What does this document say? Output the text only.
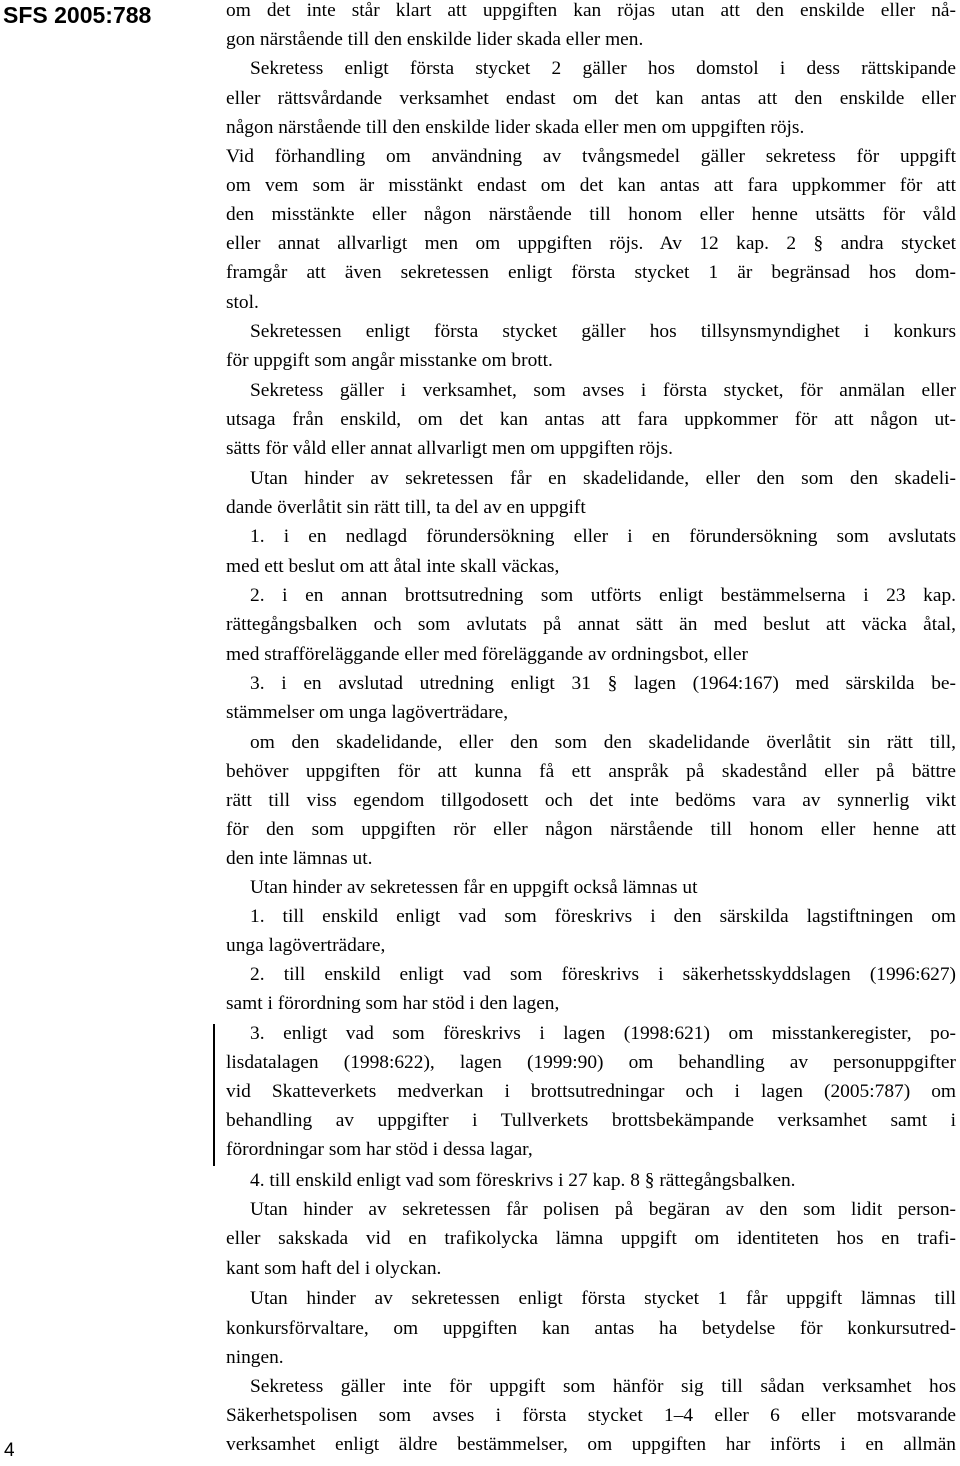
SFS 2005:788
4
om det inte står klart att uppgiften kan röjas utan att den enskilde eller nå-
gon närstående till den enskilde lider skada eller men.
Sekretess enligt första stycket 2 gäller hos domstol i dess rättskipande
eller rättsvårdande verksamhet endast om det kan antas att den enskilde eller
någon närstående till den enskilde lider skada eller men om uppgiften röjs.
Vid förhandling om användning av tvångsmedel gäller sekretess för uppgift
om vem som är misstänkt endast om det kan antas att fara uppkommer för att
den misstänkte eller någon närstående till honom eller henne utsätts för våld
eller annat allvarligt men om uppgiften röjs. Av 12 kap. 2 § andra stycket
framgår att även sekretessen enligt första stycket 1 är begränsad hos dom-
stol.
Sekretessen enligt första stycket gäller hos tillsynsmyndighet i konkurs
för uppgift som angår misstanke om brott.
Sekretess gäller i verksamhet, som avses i första stycket, för anmälan eller
utsaga från enskild, om det kan antas att fara uppkommer för att någon ut-
sätts för våld eller annat allvarligt men om uppgiften röjs.
Utan hinder av sekretessen får en skadelidande, eller den som den skadeli-
dande överlåtit sin rätt till, ta del av en uppgift
1. i en nedlagd förundersökning eller i en förundersökning som avslutats
med ett beslut om att åtal inte skall väckas,
2. i en annan brottsutredning som utförts enligt bestämmelserna i 23 kap.
rättegångsbalken och som avlutats på annat sätt än med beslut att väcka åtal,
med strafföreläggande eller med föreläggande av ordningsbot, eller
3. i en avslutad utredning enligt 31 § lagen (1964:167) med särskilda be-
stämmelser om unga lagöverträdare,
om den skadelidande, eller den som den skadelidande överlåtit sin rätt till,
behöver uppgiften för att kunna få ett anspråk på skadestånd eller på bättre
rätt till viss egendom tillgodosett och det inte bedöms vara av synnerlig vikt
för den som uppgiften rör eller någon närstående till honom eller henne att
den inte lämnas ut.
Utan hinder av sekretessen får en uppgift också lämnas ut
1. till enskild enligt vad som föreskrivs i den särskilda lagstiftningen om
unga lagöverträdare,
2. till enskild enligt vad som föreskrivs i säkerhetsskyddslagen (1996:627)
samt i förordning som har stöd i den lagen,
3. enligt vad som föreskrivs i lagen (1998:621) om misstankeregister, po-
lisdatalagen (1998:622), lagen (1999:90) om behandling av personuppgifter
vid Skatteverkets medverkan i brottsutredningar och i lagen (2005:787) om
behandling av uppgifter i Tullverkets brottsbekämpande verksamhet samt i
förordningar som har stöd i dessa lagar,
4. till enskild enligt vad som föreskrivs i 27 kap. 8 § rättegångsbalken.
Utan hinder av sekretessen får polisen på begäran av den som lidit person-
eller sakskada vid en trafikolycka lämna uppgift om identiteten hos en trafi-
kant som haft del i olyckan.
Utan hinder av sekretessen enligt första stycket 1 får uppgift lämnas till
konkursförvaltare, om uppgiften kan antas ha betydelse för konkursutred-
ningen.
Sekretess gäller inte för uppgift som hänför sig till sådan verksamhet hos
Säkerhetspolisen som avses i första stycket 1–4 eller 6 eller motsvarande
verksamhet enligt äldre bestämmelser, om uppgiften har införts i en allmän
